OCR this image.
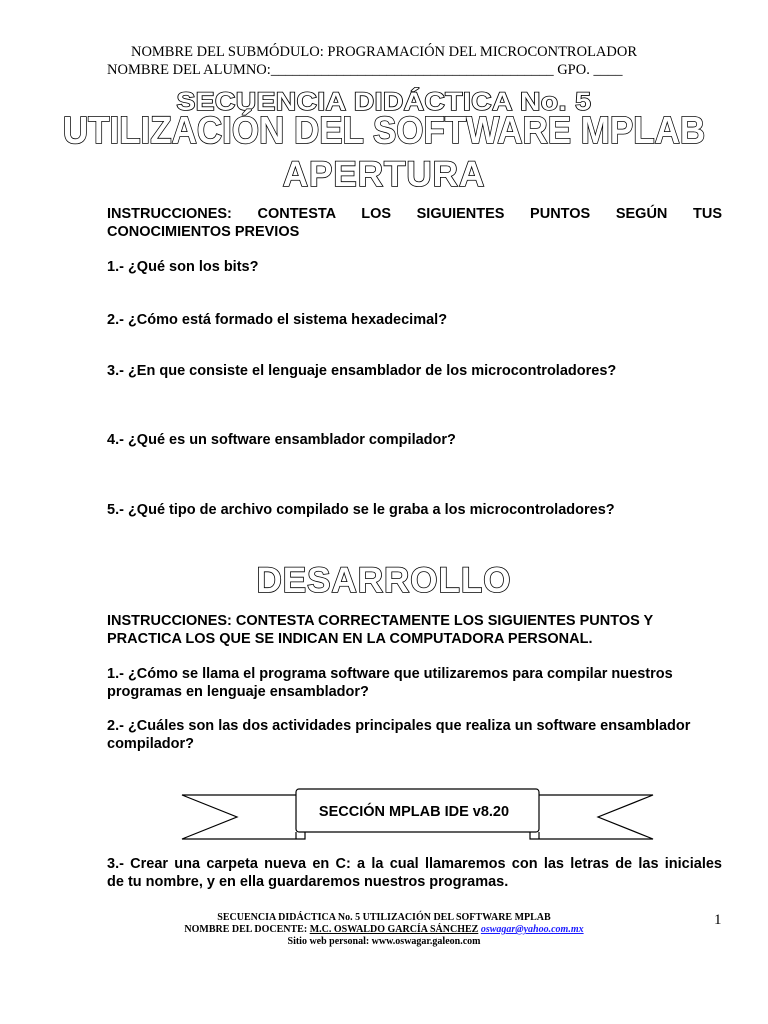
NOMBRE DEL SUBMÓDULO: PROGRAMACIÓN DEL MICROCONTROLADOR
NOMBRE DEL ALUMNO:_______________________________________ GPO. ____
SECUENCIA DIDÁCTICA No. 5
UTILIZACIÓN DEL SOFTWARE MPLAB
APERTURA
INSTRUCCIONES: CONTESTA LOS SIGUIENTES PUNTOS SEGÚN TUS
CONOCIMIENTOS PREVIOS
1.- ¿Qué son los bits?
2.- ¿Cómo está formado el sistema hexadecimal?
3.- ¿En que consiste el lenguaje ensamblador de los microcontroladores?
4.- ¿Qué es un software ensamblador compilador?
5.- ¿Qué tipo de archivo compilado se le graba a los microcontroladores?
DESARROLLO
INSTRUCCIONES: CONTESTA CORRECTAMENTE LOS SIGUIENTES PUNTOS Y
PRACTICA LOS QUE SE INDICAN EN LA COMPUTADORA PERSONAL.
1.- ¿Cómo se llama el programa software que utilizaremos para compilar nuestros
programas en lenguaje ensamblador?
2.- ¿Cuáles son las dos actividades principales que realiza un software ensamblador
compilador?
SECCIÓN MPLAB IDE v8.20
3.- Crear una carpeta nueva en C: a la cual llamaremos con las letras de las iniciales
de tu nombre, y en ella guardaremos nuestros programas.
SECUENCIA DIDÁCTICA No. 5 UTILIZACIÓN DEL SOFTWARE MPLAB
NOMBRE DEL DOCENTE: M.C. OSWALDO GARCÍA SÁNCHEZ oswagar@yahoo.com.mx
Sitio web personal: www.oswagar.galeon.com
1
